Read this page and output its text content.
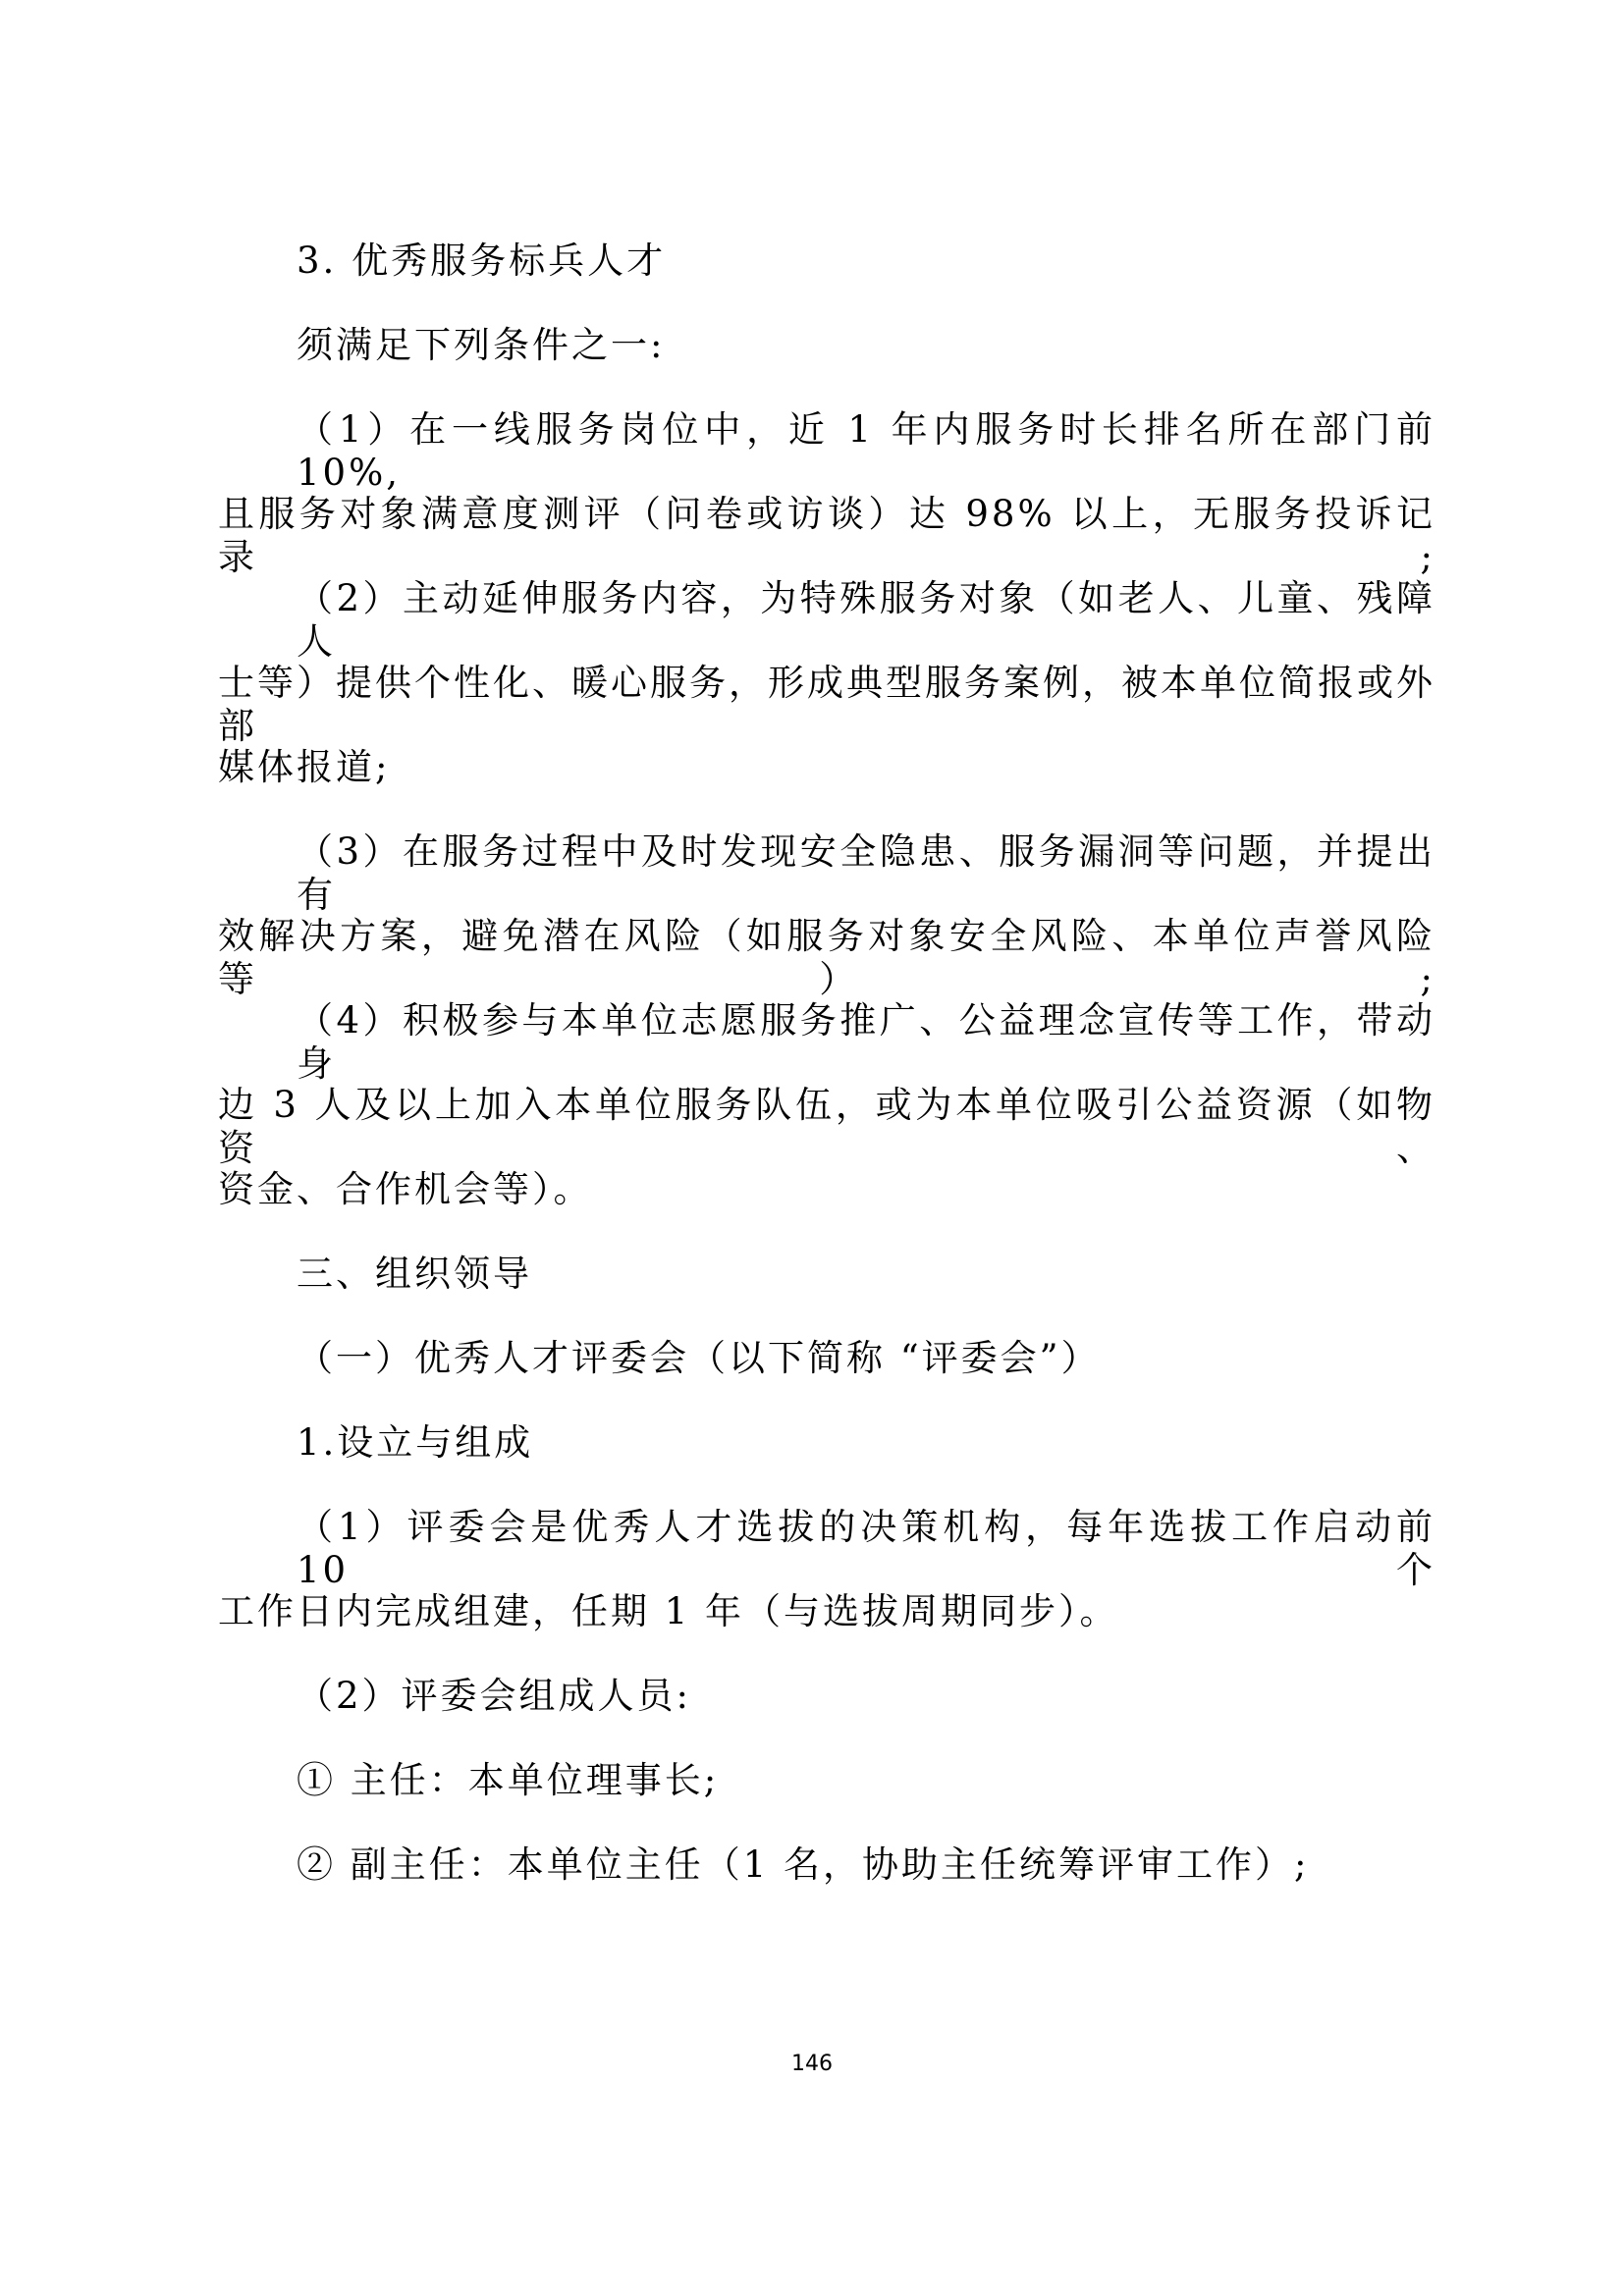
3. 优秀服务标兵人才
须满足下列条件之一:
（1）在一线服务岗位中，近 1 年内服务时长排名所在部门前 10%,
且服务对象满意度测评（问卷或访谈）达 98% 以上，无服务投诉记录;
（2）主动延伸服务内容，为特殊服务对象（如老人、儿童、残障人
士等）提供个性化、暖心服务，形成典型服务案例，被本单位简报或外部
媒体报道;
（3）在服务过程中及时发现安全隐患、服务漏洞等问题，并提出有
效解决方案，避免潜在风险（如服务对象安全风险、本单位声誉风险等）;
（4）积极参与本单位志愿服务推广、公益理念宣传等工作，带动身
边 3 人及以上加入本单位服务队伍，或为本单位吸引公益资源（如物资、
资金、合作机会等）。
三、组织领导
（一）优秀人才评委会（以下简称 “评委会”）
1.设立与组成
（1）评委会是优秀人才选拔的决策机构，每年选拔工作启动前 10 个
工作日内完成组建，任期 1 年（与选拔周期同步）。
（2）评委会组成人员:
① 主任：本单位理事长;
② 副主任：本单位主任（1 名，协助主任统筹评审工作）;
146
